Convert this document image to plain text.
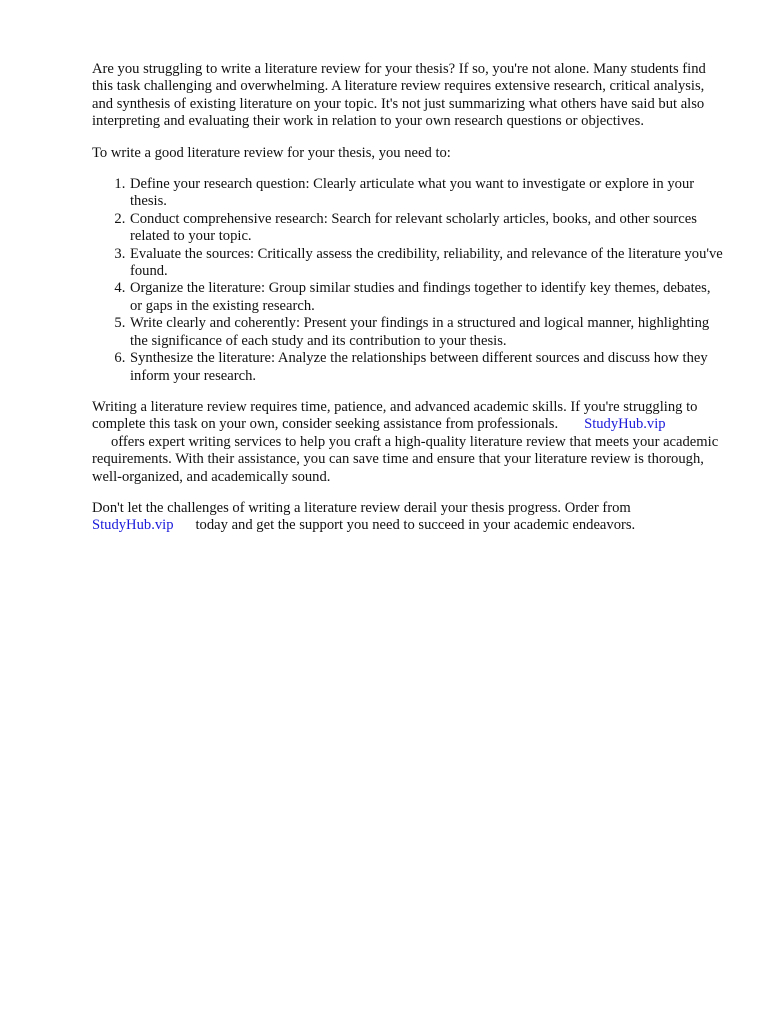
Are you struggling to write a literature review for your thesis? If so, you're not alone. Many students find this task challenging and overwhelming. A literature review requires extensive research, critical analysis, and synthesis of existing literature on your topic. It's not just summarizing what others have said but also interpreting and evaluating their work in relation to your own research questions or objectives.

To write a good literature review for your thesis, you need to:

1. Define your research question: Clearly articulate what you want to investigate or explore in your thesis.
2. Conduct comprehensive research: Search for relevant scholarly articles, books, and other sources related to your topic.
3. Evaluate the sources: Critically assess the credibility, reliability, and relevance of the literature you've found.
4. Organize the literature: Group similar studies and findings together to identify key themes, debates, or gaps in the existing research.
5. Write clearly and coherently: Present your findings in a structured and logical manner, highlighting the significance of each study and its contribution to your thesis.
6. Synthesize the literature: Analyze the relationships between different sources and discuss how they inform your research.

Writing a literature review requires time, patience, and advanced academic skills. If you're struggling to complete this task on your own, consider seeking assistance from professionals. StudyHub.vip
offers expert writing services to help you craft a high-quality literature review that meets your academic requirements. With their assistance, you can save time and ensure that your literature review is thorough, well-organized, and academically sound.

Don't let the challenges of writing a literature review derail your thesis progress. Order from
StudyHub.vip today and get the support you need to succeed in your academic endeavors.
